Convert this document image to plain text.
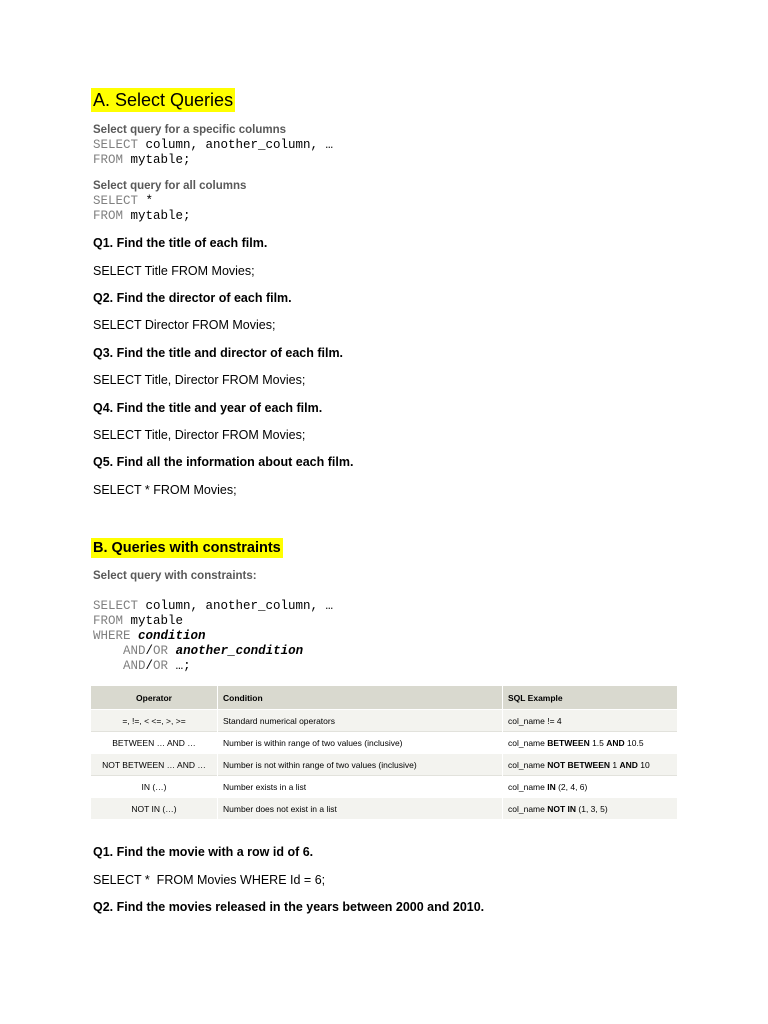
A. Select Queries
Select query for a specific columns
SELECT column, another_column, …
FROM mytable;
Select query for all columns
SELECT *
FROM mytable;
Q1. Find the title of each film.
SELECT Title FROM Movies;
Q2. Find the director of each film.
SELECT Director FROM Movies;
Q3. Find the title and director of each film.
SELECT Title, Director FROM Movies;
Q4. Find the title and year of each film.
SELECT Title, Director FROM Movies;
Q5. Find all the information about each film.
SELECT * FROM Movies;
B. Queries with constraints
Select query with constraints:
SELECT column, another_column, …
FROM mytable
WHERE condition
AND/OR another_condition
AND/OR …;
Operator	Condition	SQL Example
=, !=, < <=, >, >=	Standard numerical operators	col_name != 4
BETWEEN … AND …	Number is within range of two values (inclusive)	col_name BETWEEN 1.5 AND 10.5
NOT BETWEEN … AND …	Number is not within range of two values (inclusive)	col_name NOT BETWEEN 1 AND 10
IN (…)	Number exists in a list	col_name IN (2, 4, 6)
NOT IN (…)	Number does not exist in a list	col_name NOT IN (1, 3, 5)
Q1. Find the movie with a row id of 6.
SELECT *  FROM Movies WHERE Id = 6;
Q2. Find the movies released in the years between 2000 and 2010.
